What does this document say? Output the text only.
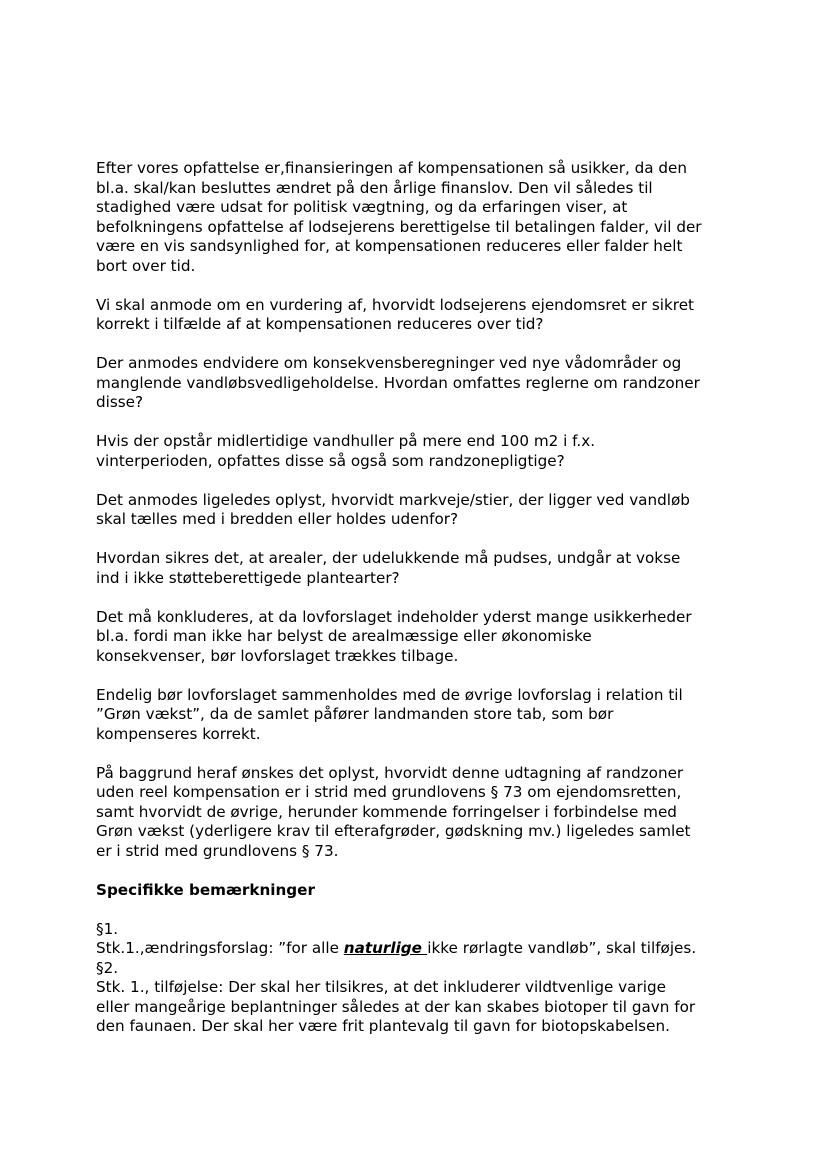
Efter vores opfattelse er,finansieringen af kompensationen så usikker, da den
bl.a. skal/kan besluttes ændret på den årlige finanslov. Den vil således til
stadighed være udsat for politisk vægtning, og da erfaringen viser, at
befolkningens opfattelse af lodsejerens berettigelse til betalingen falder, vil der
være en vis sandsynlighed for, at kompensationen reduceres eller falder helt
bort over tid.

Vi skal anmode om en vurdering af, hvorvidt lodsejerens ejendomsret er sikret
korrekt i tilfælde af at kompensationen reduceres over tid?

Der anmodes endvidere om konsekvensberegninger ved nye vådområder og
manglende vandløbsvedligeholdelse. Hvordan omfattes reglerne om randzoner
disse?

Hvis der opstår midlertidige vandhuller på mere end 100 m2 i f.x.
vinterperioden, opfattes disse så også som randzonepligtige?

Det anmodes ligeledes oplyst, hvorvidt markveje/stier, der ligger ved vandløb
skal tælles med i bredden eller holdes udenfor?

Hvordan sikres det, at arealer, der udelukkende må pudses, undgår at vokse
ind i ikke støtteberettigede plantearter?

Det må konkluderes, at da lovforslaget indeholder yderst mange usikkerheder
bl.a. fordi man ikke har belyst de arealmæssige eller økonomiske
konsekvenser, bør lovforslaget trækkes tilbage.

Endelig bør lovforslaget sammenholdes med de øvrige lovforslag i relation til
”Grøn vækst”, da de samlet påfører landmanden store tab, som bør
kompenseres korrekt.

På baggrund heraf ønskes det oplyst, hvorvidt denne udtagning af randzoner
uden reel kompensation er i strid med grundlovens § 73 om ejendomsretten,
samt hvorvidt de øvrige, herunder kommende forringelser i forbindelse med
Grøn vækst (yderligere krav til efterafgrøder, gødskning mv.) ligeledes samlet
er i strid med grundlovens § 73.

Specifikke bemærkninger

§1.

Stk.1.,ændringsforslag: ”for alle naturlige ikke rørlagte vandløb”, skal tilføjes.

§2.

Stk. 1., tilføjelse: Der skal her tilsikres, at det inkluderer vildtvenlige varige
eller mangeårige beplantninger således at der kan skabes biotoper til gavn for
den faunaen. Der skal her være frit plantevalg til gavn for biotopskabelsen.
